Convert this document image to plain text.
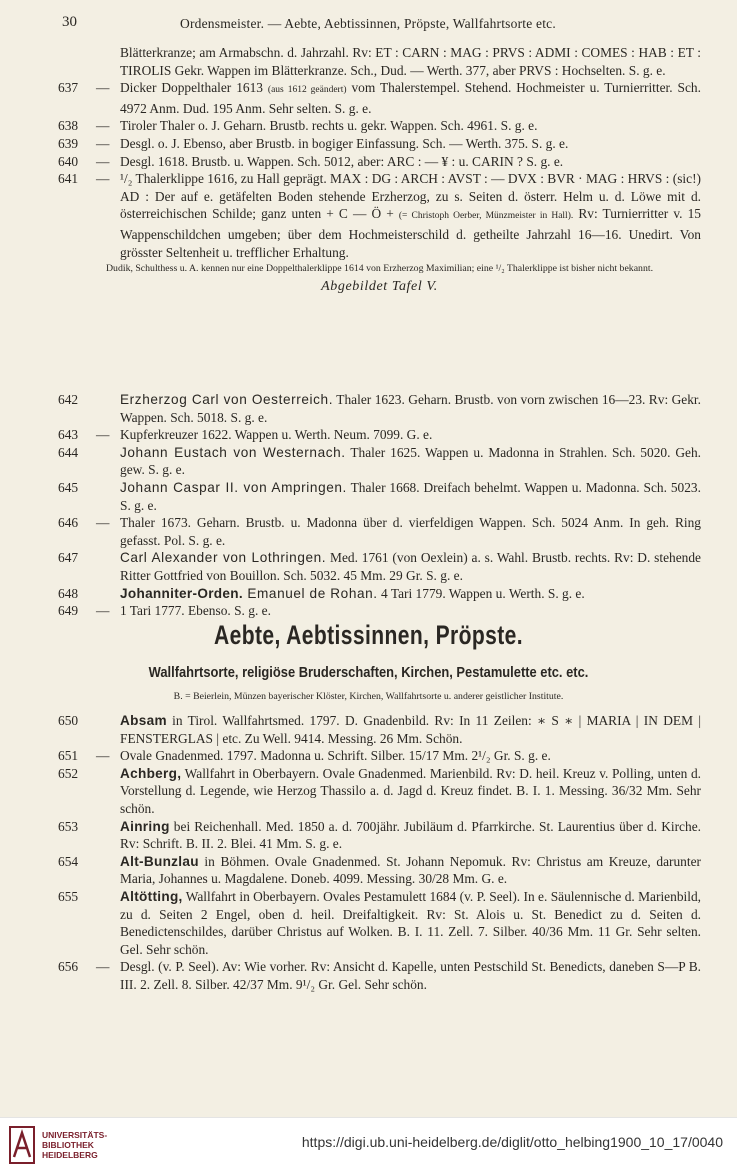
30	Ordensmeister. — Aebte, Aebtissinnen, Pröpste, Wallfahrtsorte etc.

Blätterkranze; am Armabschn. d. Jahrzahl. Rv: ET : CARN : MAG : PRVS : ADMI : COMES : HAB : ET : TIROLIS Gekr. Wappen im Blätterkranze. Sch., Dud. — Werth. 377, aber PRVS : Hochselten. S. g. e.

637	— Dicker Doppelthaler 1613 (aus 1612 geändert) vom Thalerstempel. Stehend. Hochmeister u. Turnierritter. Sch. 4972 Anm. Dud. 195 Anm. Sehr selten. S. g. e.

638	— Tiroler Thaler o. J. Geharn. Brustb. rechts u. gekr. Wappen. Sch. 4961. S. g. e.

639	— Desgl. o. J. Ebenso, aber Brustb. in bogiger Einfassung. Sch. — Werth. 375. S. g. e.

640	— Desgl. 1618. Brustb. u. Wappen. Sch. 5012, aber: ARC : — ¥ : u. CARIN ? S. g. e.

641	— ¹/₂ Thalerklippe 1616, zu Hall geprägt. MAX : DG : ARCH : AVST : — DVX : BVR · MAG : HRVS : (sic!) AD : Der auf e. getäfelten Boden stehende Erzherzog, zu s. Seiten d. österr. Helm u. d. Löwe mit d. österreichischen Schilde; ganz unten + C — Ö + (= Christoph Oerber, Münzmeister in Hall). Rv: Turnierritter v. 15 Wappenschildchen umgeben; über dem Hochmeisterschild d. getheilte Jahrzahl 16—16. Unedirt. Von grösster Seltenheit u. trefflicher Erhaltung.

Dudik, Schulthess u. A. kennen nur eine Doppelthalerklippe 1614 von Erzherzog Maximilian; eine ¹/₂ Thalerklippe ist bisher nicht bekannt.

Abgebildet Tafel V.

642	Erzherzog Carl von Oesterreich. Thaler 1623. Geharn. Brustb. von vorn zwischen 16—23. Rv: Gekr. Wappen. Sch. 5018. S. g. e.

643	— Kupferkreuzer 1622. Wappen u. Werth. Neum. 7099. G. e.

644	Johann Eustach von Westernach. Thaler 1625. Wappen u. Madonna in Strahlen. Sch. 5020. Geh. gew. S. g. e.

645	Johann Caspar II. von Ampringen. Thaler 1668. Dreifach behelmt. Wappen u. Madonna. Sch. 5023. S. g. e.

646	— Thaler 1673. Geharn. Brustb. u. Madonna über d. vierfeldigen Wappen. Sch. 5024 Anm. In geh. Ring gefasst. Pol. S. g. e.

647	Carl Alexander von Lothringen. Med. 1761 (von Oexlein) a. s. Wahl. Brustb. rechts. Rv: D. stehende Ritter Gottfried von Bouillon. Sch. 5032. 45 Mm. 29 Gr. S. g. e.

648	Johanniter-Orden. Emanuel de Rohan. 4 Tari 1779. Wappen u. Werth. S. g. e.

649	— 1 Tari 1777. Ebenso. S. g. e.

Aebte, Aebtissinnen, Pröpste.
Wallfahrtsorte, religiöse Bruderschaften, Kirchen, Pestamulette etc. etc.
B. = Beierlein, Münzen bayerischer Klöster, Kirchen, Wallfahrtsorte u. anderer geistlicher Institute.
650	Absam in Tirol. Wallfahrtsmed. 1797. D. Gnadenbild. Rv: In 11 Zeilen: ∗ S ∗ | MARIA | IN DEM | FENSTERGLAS | etc. Zu Well. 9414. Messing. 26 Mm. Schön.

651	— Ovale Gnadenmed. 1797. Madonna u. Schrift. Silber. 15/17 Mm. 2¹/₂ Gr. S. g. e.

652	Achberg, Wallfahrt in Oberbayern. Ovale Gnadenmed. Marienbild. Rv: D. heil. Kreuz v. Polling, unten d. Vorstellung d. Legende, wie Herzog Thassilo a. d. Jagd d. Kreuz findet. B. I. 1. Messing. 36/32 Mm. Sehr schön.

653	Ainring bei Reichenhall. Med. 1850 a. d. 700jähr. Jubiläum d. Pfarrkirche. St. Laurentius über d. Kirche. Rv: Schrift. B. II. 2. Blei. 41 Mm. S. g. e.

654	Alt-Bunzlau in Böhmen. Ovale Gnadenmed. St. Johann Nepomuk. Rv: Christus am Kreuze, darunter Maria, Johannes u. Magdalene. Doneb. 4099. Messing. 30/28 Mm. G. e.

655	Altötting, Wallfahrt in Oberbayern. Ovales Pestamulett 1684 (v. P. Seel). In e. Säulennische d. Marienbild, zu d. Seiten 2 Engel, oben d. heil. Dreifaltigkeit. Rv: St. Alois u. St. Benedict zu d. Seiten d. Benedictenschildes, darüber Christus auf Wolken. B. I. 11. Zell. 7. Silber. 40/36 Mm. 11 Gr. Sehr selten. Gel. Sehr schön.

656	— Desgl. (v. P. Seel). Av: Wie vorher. Rv: Ansicht d. Kapelle, unten Pestschild St. Benedicts, daneben S—P B. III. 2. Zell. 8. Silber. 42/37 Mm. 9¹/₂ Gr. Gel. Sehr schön.

UNIVERSITÄTS-
BIBLIOTHEK
HEIDELBERG
https://digi.ub.uni-heidelberg.de/diglit/otto_helbing1900_10_17/0040
